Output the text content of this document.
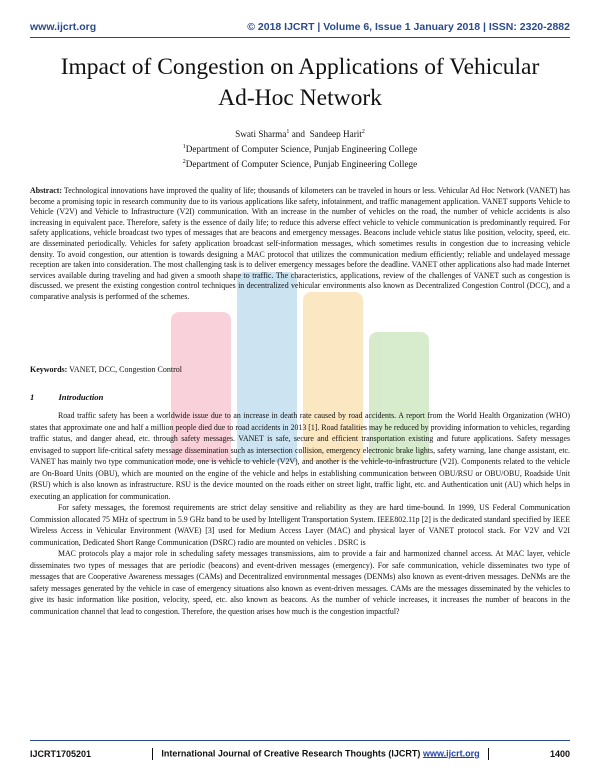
www.ijcrt.org	© 2018 IJCRT | Volume 6, Issue 1 January 2018 | ISSN: 2320-2882
Impact of Congestion on Applications of Vehicular
Ad-Hoc Network
Swati Sharma$^1$ and Sandeep Harit$^2$
$^1$Department of Computer Science, Punjab Engineering College
$^2$Department of Computer Science, Punjab Engineering College
Abstract: Technological innovations have improved the quality of life; thousands of kilometers can be traveled in hours or less. Vehicular Ad Hoc Network (VANET) has become a promising topic in research community due to its various applications like safety, infotainment, and traffic management application. VANET supports Vehicle to Vehicle (V2V) and Vehicle to Infrastructure (V2I) communication. With an increase in the number of vehicles on the road, the number of vehicle accidents is also increasing in equivalent pace. Therefore, safety is the essence of daily life; to reduce this adverse effect vehicle to vehicle communication is predominantly required. For safety applications, vehicle broadcast two types of messages that are beacons and emergency messages. Beacons include vehicle status like position, velocity, speed, etc. are disseminated periodically. Vehicles for safety application broadcast self-information messages, which sometimes results in congestion due to increasing vehicle density. To avoid congestion, our attention is towards designing a MAC protocol that utilizes the communication medium efficiently; reliable and undelayed message reception are taken into consideration. The most challenging task is to deliver emergency messages before the deadline. VANET other applications also had made Internet services available during traveling and had given a smooth shape to traffic. The characteristics, applications, review of the challenges of VANET such as congestion is discussed. we present the existing congestion control techniques in decentralized vehicular environments also known as Decentralized Congestion Control (DCC), and a comparative analysis is performed of the schemes.
Keywords: VANET, DCC, Congestion Control
1	Introduction

Road traffic safety has been a worldwide issue due to an increase in death rate caused by road accidents. A report from the World Health Organization (WHO) states that approximate one and half a million people died due to road accidents in 2013 [1]. Road fatalities may be reduced by providing information to vehicles, regarding traffic status, and danger ahead, etc. through safety messages. VANET is safe, secure and efficient transportation existing and future applications. Safety messages envisaged to support life-critical safety message dissemination such as intersection collision, emergency electronic brake lights, safety warning, lane change assistant, etc. VANET has mainly two type communication mode, one is vehicle to vehicle (V2V), and another is the vehicle-to-infrastructure (V2I). Components related to the vehicle are On-Board Units (OBU), which are mounted on the engine of the vehicle and helps in establishing communication between OBU/RSU or OBU/OBU, Roadside Unit (RSU) which is also known as infrastructure. RSU is the device mounted on the roads either on street light, traffic light, etc. and Authentication unit (AU) which helps in executing an application for communication.

For safety messages, the foremost requirements are strict delay sensitive and reliability as they are hard time-bound. In 1999, US Federal Communication Commission allocated 75 MHz of spectrum in 5.9 GHz band to be used by Intelligent Transportation System. IEEE802.11p [2] is the dedicated standard specified by IEEE Wireless Access in Vehicular Environment (WAVE) [3] used for Medium Access Layer (MAC) and physical layer of VANET protocol stack. For V2V and V2I communication, Dedicated Short Range Communication (DSRC) radio are mounted on vehicles . DSRC is

MAC protocols play a major role in scheduling safety messages transmissions, aim to provide a fair and harmonized channel access. At MAC layer, vehicle disseminates two types of messages that are periodic (beacons) and event-driven messages (emergency). For safe communication, vehicle disseminates two type of messages that are Cooperative Awareness messages (CAMs) and Decentralized environmental messages (DENMs) also known as event-driven messages. DeNMs are the safety messages generated by the vehicle in case of emergency situations also known as event-driven messages. CAMs are the messages disseminated by the vehicles to give its basic information like position, velocity, speed, etc. also known as beacons. As the number of vehicle increases, it increases the number of beacons in the communication channel that lead to congestion. Therefore, the question arises how much is the congestion impactful?

IJCRT1705201	International Journal of Creative Research Thoughts (IJCRT) www.ijcrt.org	1400
